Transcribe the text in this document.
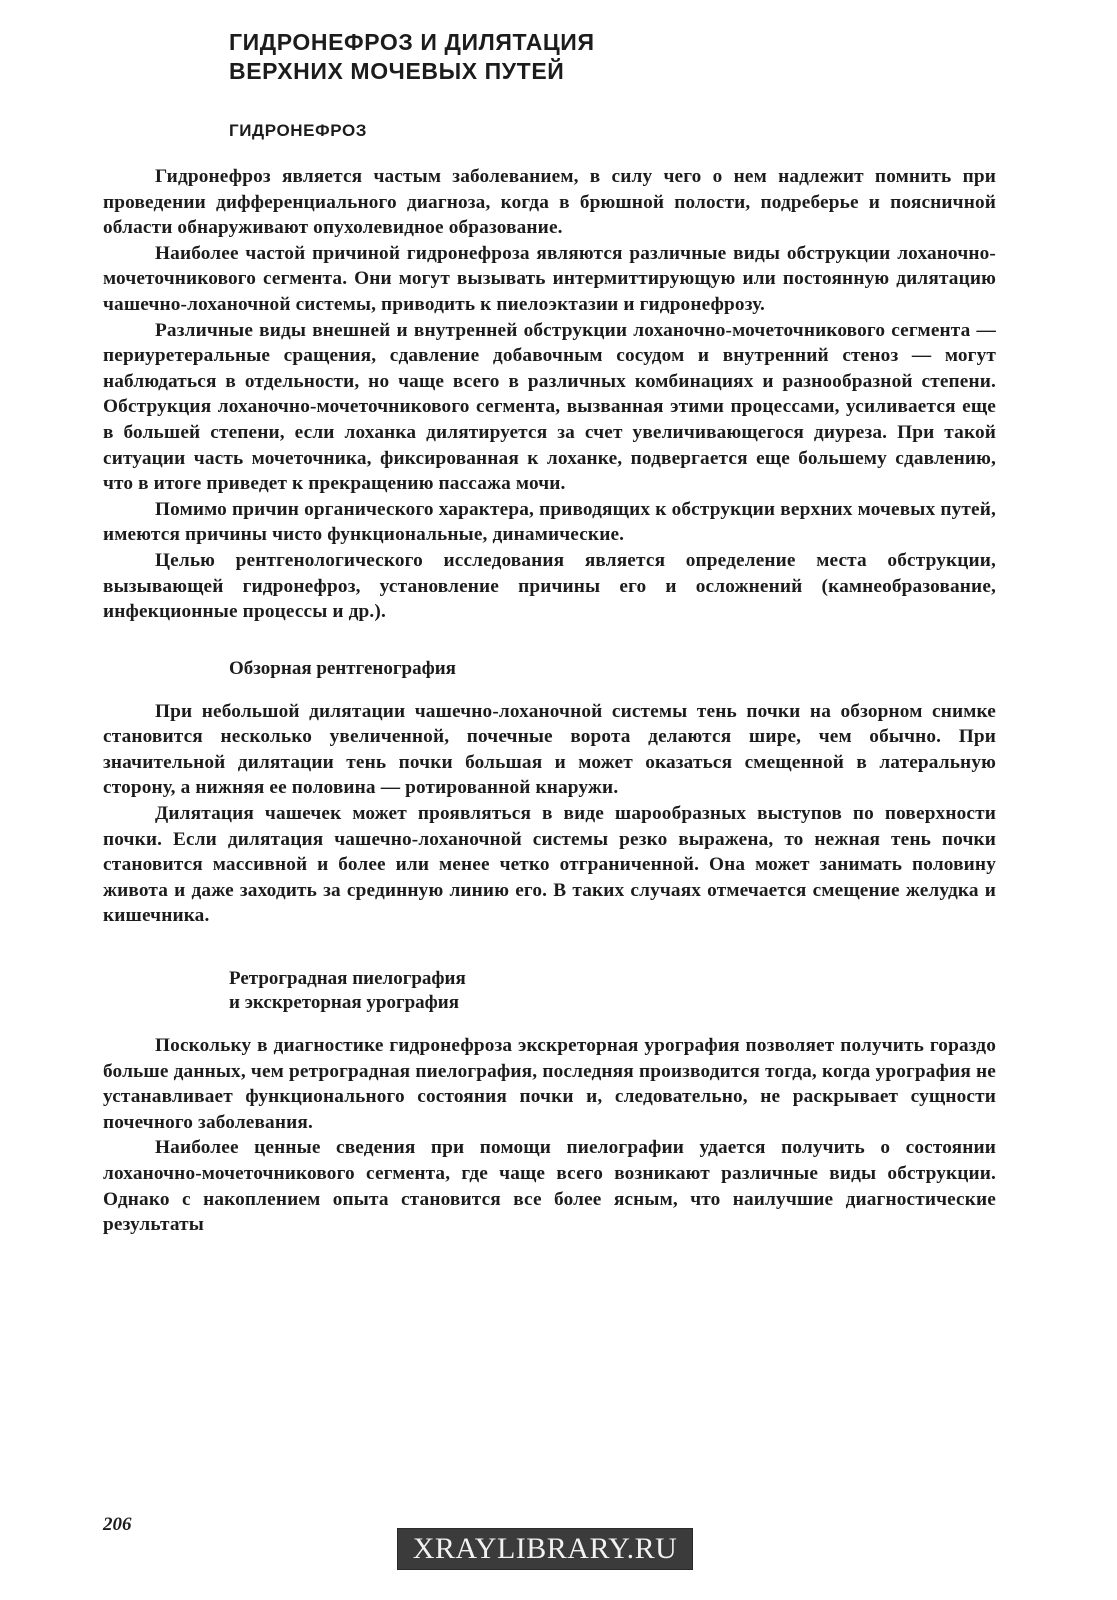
ГИДРОНЕФРОЗ И ДИЛЯТАЦИЯ
ВЕРХНИХ МОЧЕВЫХ ПУТЕЙ
ГИДРОНЕФРОЗ

Гидронефроз является частым заболеванием, в силу чего о нем надлежит помнить при проведении дифференциального диагноза, когда в брюшной полости, подреберье и поясничной области обнаруживают опухолевидное образование.

Наиболее частой причиной гидронефроза являются различные виды обструкции лоханочно-мочеточникового сегмента. Они могут вызывать интермиттирующую или постоянную дилятацию чашечно-лоханочной системы, приводить к пиелоэктазии и гидронефрозу.

Различные виды внешней и внутренней обструкции лоханочно-мочеточникового сегмента — периуретеральные сращения, сдавление добавочным сосудом и внутренний стеноз — могут наблюдаться в отдельности, но чаще всего в различных комбинациях и разнообразной степени. Обструкция лоханочно-мочеточникового сегмента, вызванная этими процессами, усиливается еще в большей степени, если лоханка дилятируется за счет увеличивающегося диуреза. При такой ситуации часть мочеточника, фиксированная к лоханке, подвергается еще большему сдавлению, что в итоге приведет к прекращению пассажа мочи.

Помимо причин органического характера, приводящих к обструкции верхних мочевых путей, имеются причины чисто функциональные, динамические.

Целью рентгенологического исследования является определение места обструкции, вызывающей гидронефроз, установление причины его и осложнений (камнеобразование, инфекционные процессы и др.).

Обзорная рентгенография

При небольшой дилятации чашечно-лоханочной системы тень почки на обзорном снимке становится несколько увеличенной, почечные ворота делаются шире, чем обычно. При значительной дилятации тень почки большая и может оказаться смещенной в латеральную сторону, а нижняя ее половина — ротированной кнаружи.

Дилятация чашечек может проявляться в виде шарообразных выступов по поверхности почки. Если дилятация чашечно-лоханочной системы резко выражена, то нежная тень почки становится массивной и более или менее четко отграниченной. Она может занимать половину живота и даже заходить за срединную линию его. В таких случаях отмечается смещение желудка и кишечника.

Ретроградная пиелография
и экскреторная урография

Поскольку в диагностике гидронефроза экскреторная урография позволяет получить гораздо больше данных, чем ретроградная пиелография, последняя производится тогда, когда урография не устанавливает функционального состояния почки и, следовательно, не раскрывает сущности почечного заболевания.

Наиболее ценные сведения при помощи пиелографии удается получить о состоянии лоханочно-мочеточникового сегмента, где чаще всего возникают различные виды обструкции. Однако с накоплением опыта становится все более ясным, что наилучшие диагностические результаты

206
XRAYLIBRARY.RU
